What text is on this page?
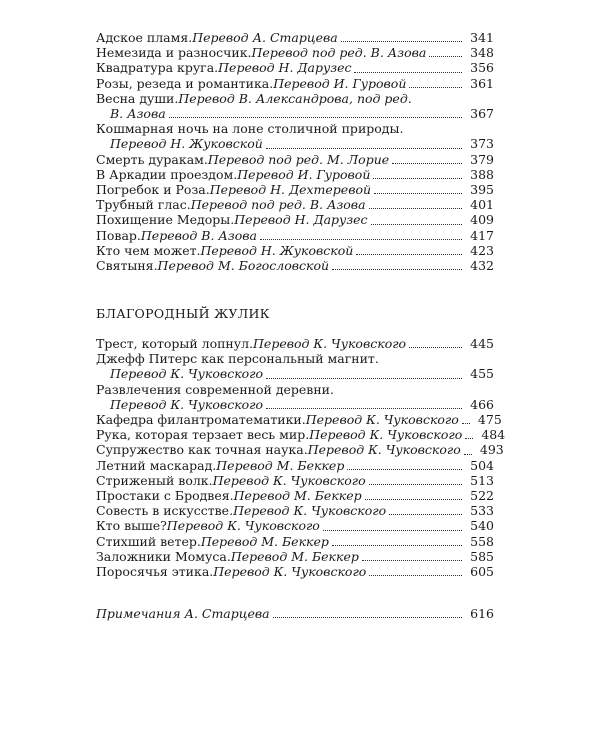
Адское пламя. Перевод А. Старцева	341
Немезида и разносчик. Перевод под ред. В. Азова	348
Квадратура круга. Перевод Н. Дарузес	356
Розы, резеда и романтика. Перевод И. Гуровой	361
Весна души. Перевод В. Александрова, под ред.
В. Азова	367
Кошмарная ночь на лоне столичной природы.
Перевод Н. Жуковской	373
Смерть дуракам. Перевод под ред. М. Лорие	379
В Аркадии проездом. Перевод И. Гуровой	388
Погребок и Роза. Перевод Н. Дехтеревой	395
Трубный глас. Перевод под ред. В. Азова	401
Похищение Медоры. Перевод Н. Дарузес	409
Повар. Перевод В. Азова	417
Кто чем может. Перевод Н. Жуковской	423
Святыня. Перевод М. Богословской	432
БЛАГОРОДНЫЙ ЖУЛИК
Трест, который лопнул. Перевод К. Чуковского	445
Джефф Питерс как персональный магнит.
Перевод К. Чуковского	455
Развлечения современной деревни.
Перевод К. Чуковского	466
Кафедра филантроматематики. Перевод К. Чуковского 475
Рука, которая терзает весь мир. Перевод К. Чуковского 484
Супружество как точная наука. Перевод К. Чуковского 493
Летний маскарад. Перевод М. Беккер	504
Стриженый волк. Перевод К. Чуковского	513
Простаки с Бродвея. Перевод М. Беккер	522
Совесть в искусстве. Перевод К. Чуковского	533
Кто выше? Перевод К. Чуковского	540
Стихший ветер. Перевод М. Беккер	558
Заложники Момуса. Перевод М. Беккер	585
Поросячья этика. Перевод К. Чуковского	605
Примечания А. Старцева	616
